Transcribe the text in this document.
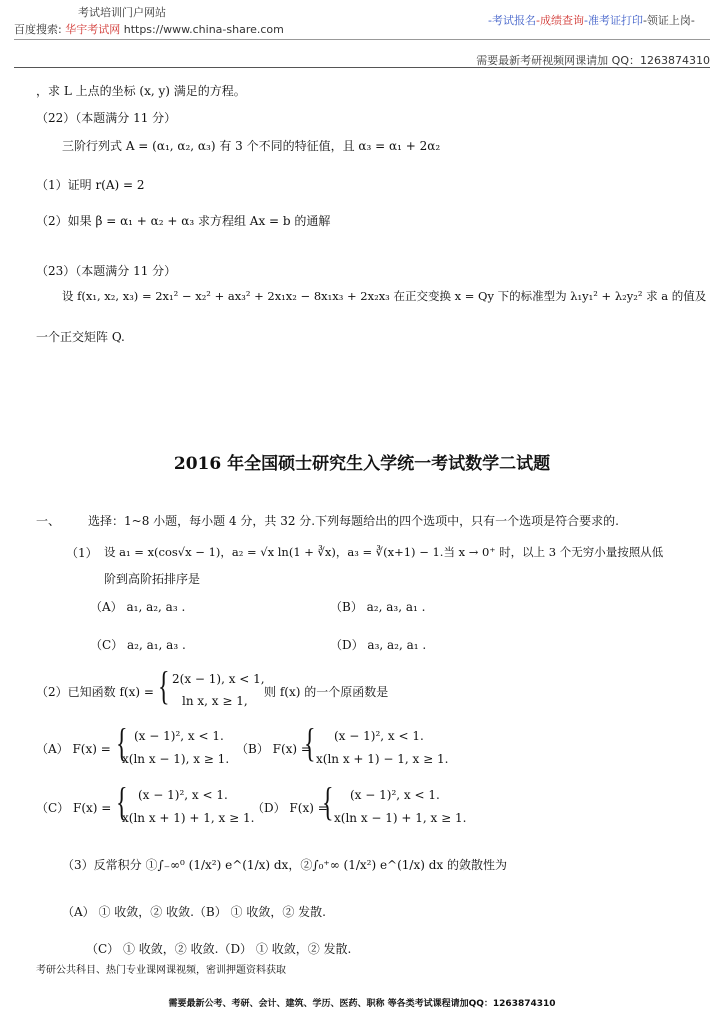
考试培训门户网站
百度搜索: 华宇考试网 https://www.china-share.com
-考试报名-成绩查询-准考证打印-领证上岗-
需要最新考研视频网课请加 QQ：1263874310
，求 L 上点的坐标 (x, y) 满足的方程。
（22）（本题满分 11 分）
三阶行列式 A = (α₁, α₂, α₃) 有 3 个不同的特征值，且 α₃ = α₁ + 2α₂
（1）证明 r(A) = 2
（2）如果 β = α₁ + α₂ + α₃ 求方程组 Ax = b 的通解
（23）（本题满分 11 分）
设 f(x₁, x₂, x₃) = 2x₁² − x₂² + ax₃² + 2x₁x₂ − 8x₁x₃ + 2x₂x₃ 在正交变换 x = Qy 下的标准型为 λ₁y₁² + λ₂y₂² 求 a 的值及
一个正交矩阵 Q.
2016 年全国硕士研究生入学统一考试数学二试题
一、 选择：1~8 小题，每小题 4 分，共 32 分.下列每题给出的四个选项中，只有一个选项是符合要求的.
（1） 设 a₁ = x(cos√x − 1)，a₂ = √x ln(1 + ∛x)，a₃ = ∛(x+1) − 1.当 x → 0⁺ 时，以上 3 个无穷小量按照从低
阶到高阶拓排序是
（A） a₁, a₂, a₃ .	（B） a₂, a₃, a₁ .
（C） a₂, a₁, a₃ .	（D） a₃, a₂, a₁ .
（2）已知函数 f(x) = { 2(x − 1), x < 1,
ln x, x ≥ 1,
则 f(x) 的一个原函数是
（A） F(x) = { (x − 1)², x < 1.
x(ln x − 1), x ≥ 1.
（B） F(x) =
{ (x − 1)², x < 1.
x(ln x + 1) − 1, x ≥ 1.
（C） F(x) = { (x − 1)², x < 1.
x(ln x + 1) + 1, x ≥ 1.
（D） F(x) =
{ (x − 1)², x < 1.
x(ln x − 1) + 1, x ≥ 1.
（3）反常积分 ①∫₋∞⁰ (1/x²) e^(1/x) dx，②∫₀⁺∞ (1/x²) e^(1/x) dx 的敛散性为
（A） ① 收敛，② 收敛.（B） ① 收敛，② 发散.
（C） ① 收敛，② 收敛.（D） ① 收敛，② 发散.
考研公共科目、热门专业课网课视频，密训押题资料获取
需要最新公考、考研、会计、建筑、学历、医药、职称 等各类考试课程请加QQ：1263874310
